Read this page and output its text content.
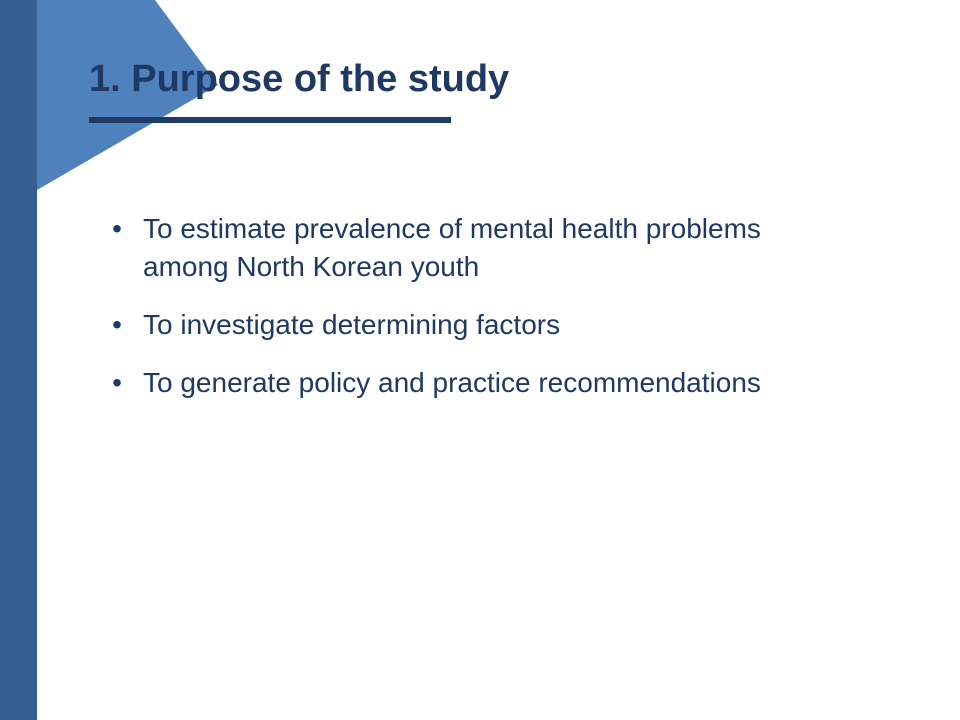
1. Purpose of the study
• To estimate prevalence of mental health problems among North Korean youth
• To investigate determining factors
• To generate policy and practice recommendations
